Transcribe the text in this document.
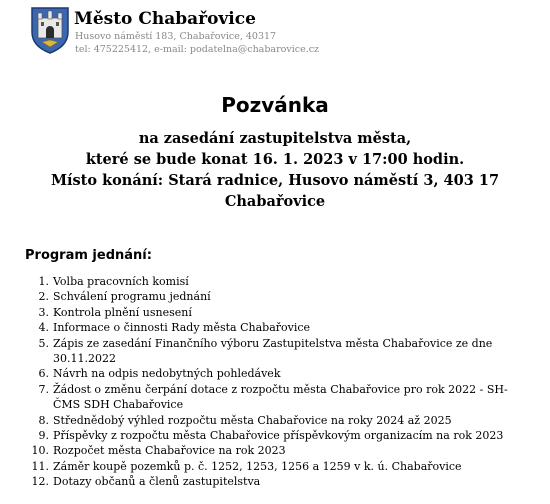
Město Chabařovice
Husovo náměstí 183, Chabařovice, 40317
tel: 475225412, e-mail: podatelna@chabarovice.cz
Pozvánka
na zasedání zastupitelstva města,
které se bude konat 16. 1. 2023 v 17:00 hodin.
Místo konání: Stará radnice, Husovo náměstí 3, 403 17
Chabařovice
Program jednání:
1. Volba pracovních komisí
2. Schválení programu jednání
3. Kontrola plnění usnesení
4. Informace o činnosti Rady města Chabařovice
5. Zápis ze zasedání Finančního výboru Zastupitelstva města Chabařovice ze dne 30.11.2022
6. Návrh na odpis nedobytných pohledávek
7. Žádost o změnu čerpání dotace z rozpočtu města Chabařovice pro rok 2022 - SH-ČMS SDH Chabařovice
8. Střednědobý výhled rozpočtu města Chabařovice na roky 2024 až 2025
9. Příspěvky z rozpočtu města Chabařovice příspěvkovým organizacím na rok 2023
10. Rozpočet města Chabařovice na rok 2023
11. Záměr koupě pozemků p. č. 1252, 1253, 1256 a 1259 v k. ú. Chabařovice
12. Dotazy občanů a členů zastupitelstva
